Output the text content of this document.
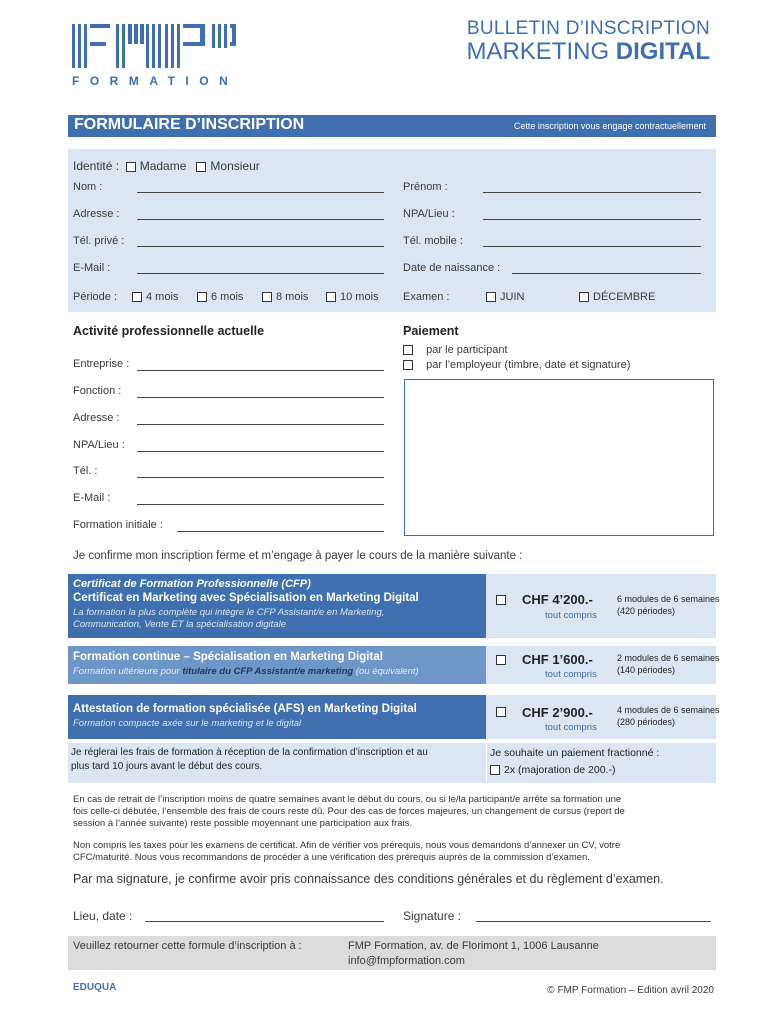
FORMATION
BULLETIN D’INSCRIPTION
MARKETING DIGITAL
FORMULAIRE D’INSCRIPTION	Cette inscription vous engage contractuellement
Identité : Madame Monsieur
Nom :	Prénom :
Adresse :	NPA/Lieu :
Tél. privé :	Tél. mobile :
E-Mail :	Date de naissance :
Période :	4 mois	6 mois	8 mois	10 mois Examen :	JUIN	DÉCEMBRE
Activité professionnelle actuelle
Entreprise :
Fonction :
Adresse :
NPA/Lieu :
Tél. :
E-Mail :
Formation initiale :
Paiement
par le participant
par l’employeur (timbre, date et signature)
Je confirme mon inscription ferme et m’engage à payer le cours de la manière suivante :
Certificat de Formation Professionnelle (CFP)
Certificat en Marketing avec Spécialisation en Marketing Digital
La formation la plus complète qui intègre le CFP Assistant/e en Marketing,
Communication, Vente ET la spécialisation digitale
CHF 4’200.-
tout compris
6 modules de 6 semaines
(420 périodes)
Formation continue – Spécialisation en Marketing Digital
Formation ultérieure pour titulaire du CFP Assistant/e marketing (ou équivalent)
CHF 1’600.-
tout compris
2 modules de 6 semaines
(140 périodes)
Attestation de formation spécialisée (AFS) en Marketing Digital
Formation compacte axée sur le marketing et le digital
CHF 2’900.-
tout compris
4 modules de 6 semaines
(280 périodes)
Je réglerai les frais de formation à réception de la confirmation d’inscription et au
plus tard 10 jours avant le début des cours.
Je souhaite un paiement fractionné :
2x (majoration de 200.-)
En cas de retrait de l’inscription moins de quatre semaines avant le début du cours, ou si le/la participant/e arrête sa formation une
fois celle-ci débutée, l’ensemble des frais de cours reste dû. Pour des cas de forces majeures, un changement de cursus (report de
session à l’année suivante) reste possible moyennant une participation aux frais.
Non compris les taxes pour les examens de certificat. Afin de vérifier vos prérequis, nous vous demandons d’annexer un CV, votre
CFC/maturité. Nous vous recommandons de procéder à une vérification des prérequis auprès de la commission d’examen.
Par ma signature, je confirme avoir pris connaissance des conditions générales et du règlement d’examen.
Lieu, date :	Signature :
Veuillez retourner cette formule d’inscription à :	FMP Formation, av. de Florimont 1, 1006 Lausanne
info@fmpformation.com
EDUQUA	© FMP Formation – Edition avril 2020
